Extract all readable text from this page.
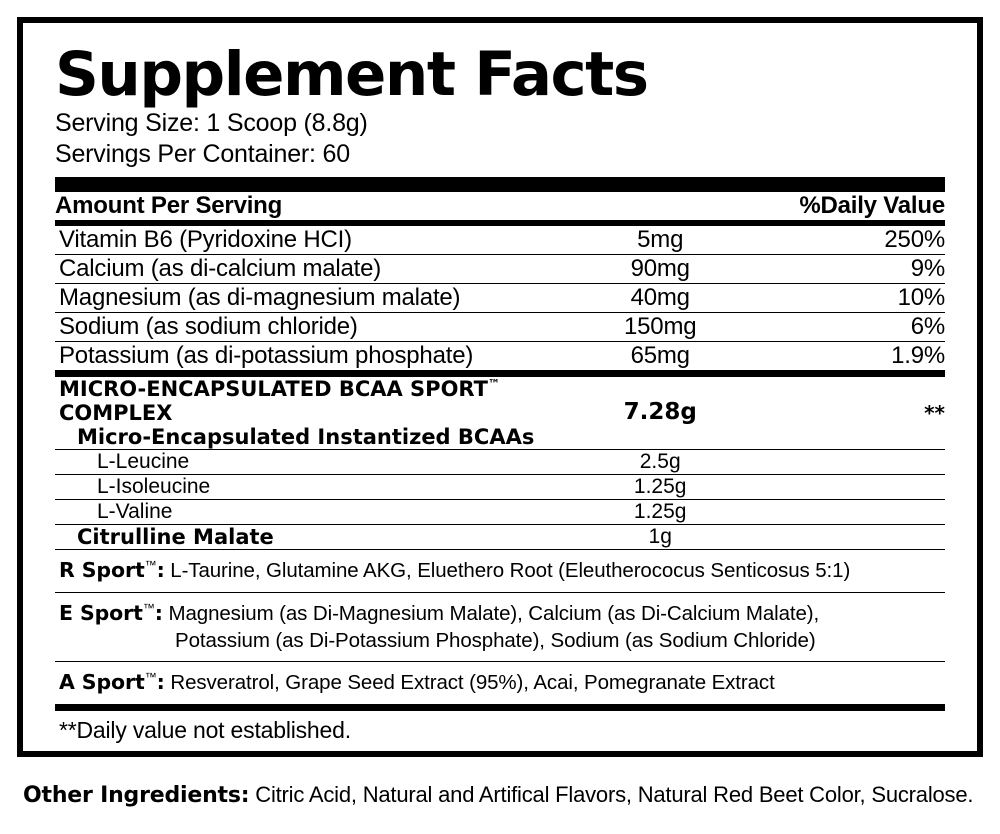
Supplement Facts
Serving Size: 1 Scoop (8.8g)
Servings Per Container: 60
Amount Per Serving		%Daily Value
Vitamin B6 (Pyridoxine HCI)	5mg	250%
Calcium (as di-calcium malate)	90mg	9%
Magnesium (as di-magnesium malate)	40mg	10%
Sodium (as sodium chloride)	150mg	6%
Potassium (as di-potassium phosphate)	65mg	1.9%
MICRO-ENCAPSULATED BCAA SPORT™ COMPLEX	7.28g	**
Micro-Encapsulated Instantized BCAAs		
L-Leucine	2.5g	
L-Isoleucine	1.25g	
L-Valine	1.25g	
Citrulline Malate	1g	
R Sport™: L-Taurine, Glutamine AKG, Eluethero Root (Eleutherococus Senticosus 5:1)
E Sport™: Magnesium (as Di-Magnesium Malate), Calcium (as Di-Calcium Malate),
Potassium (as Di-Potassium Phosphate), Sodium (as Sodium Chloride)
A Sport™: Resveratrol, Grape Seed Extract (95%), Acai, Pomegranate Extract
**Daily value not established.
Other Ingredients: Citric Acid, Natural and Artifical Flavors, Natural Red Beet Color, Sucralose.
